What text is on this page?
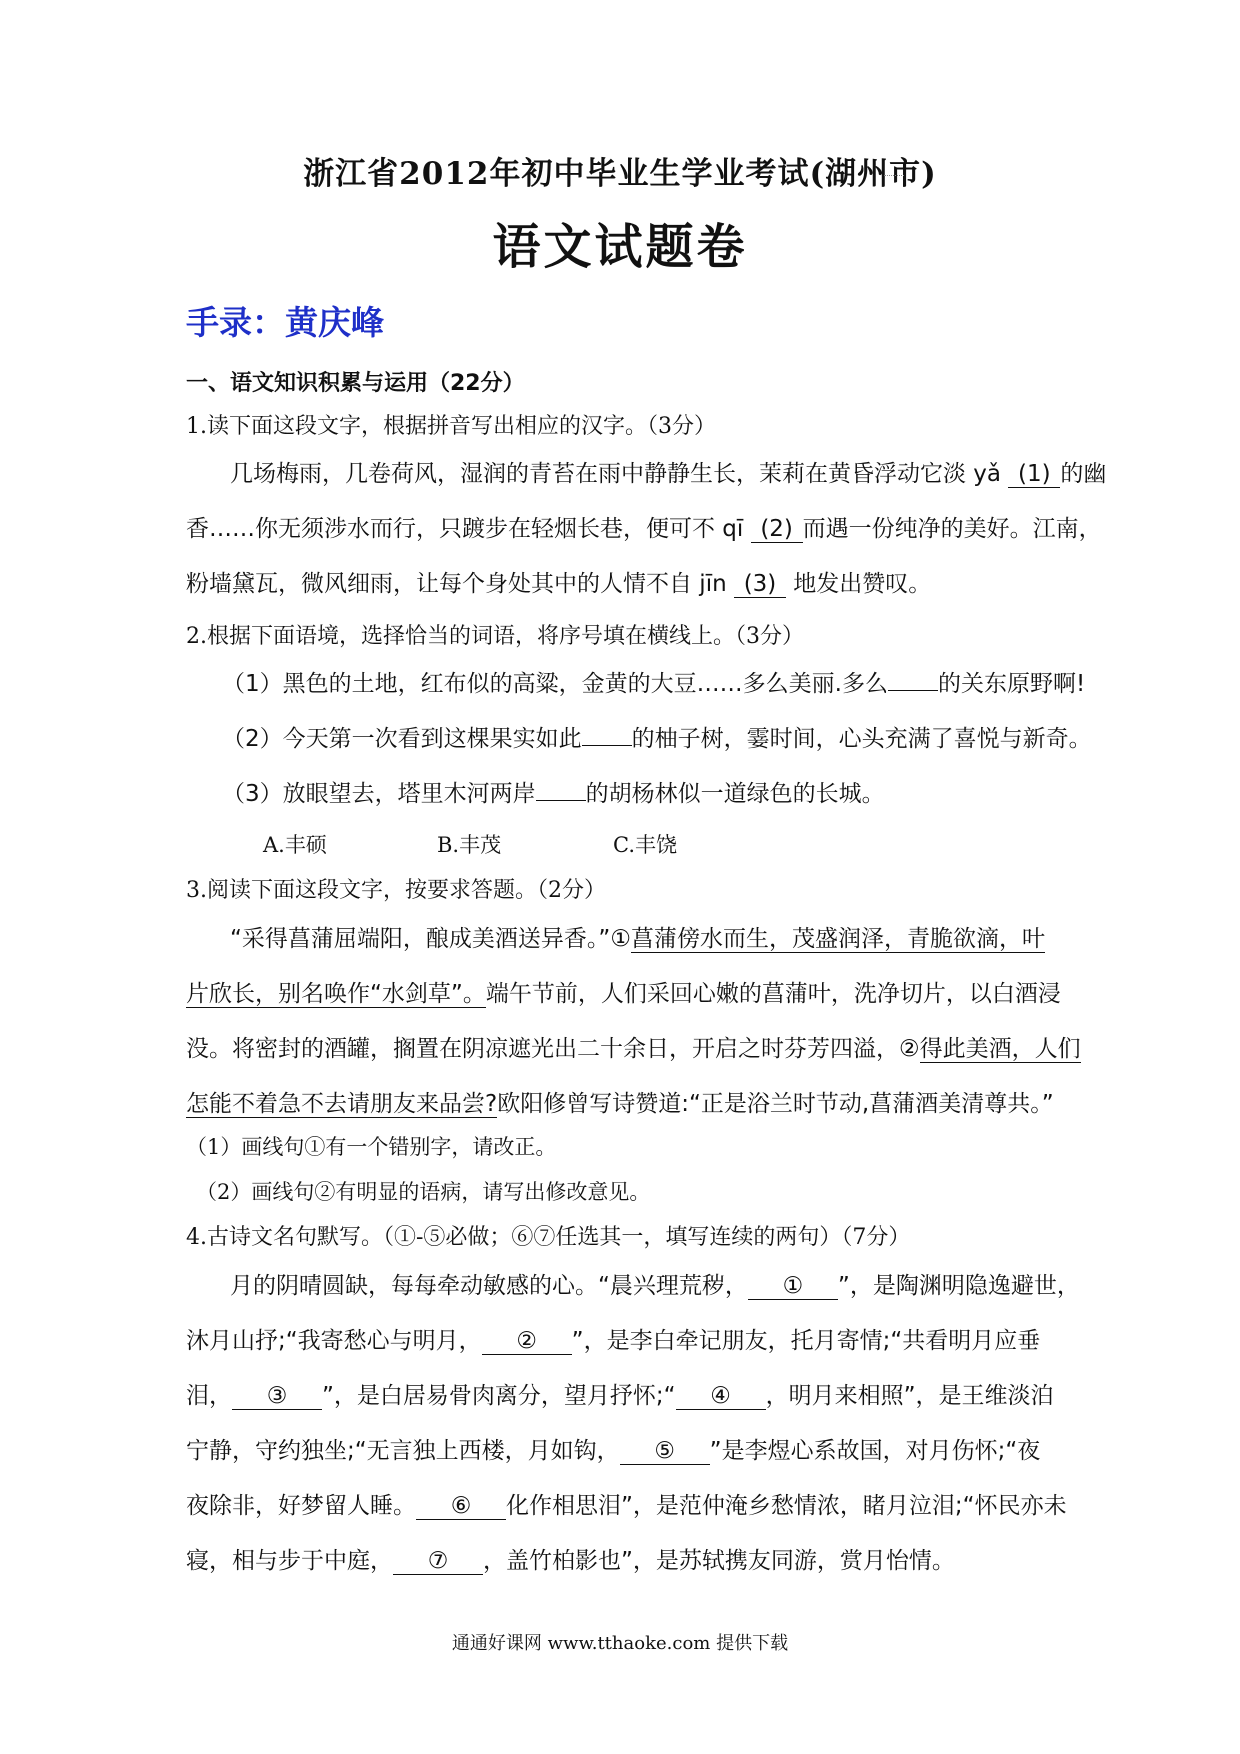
浙江省2012年初中毕业生学业考试(湖州市)
语文试题卷
手录：黄庆峰
一、语文知识积累与运用（22分）
1.读下面这段文字，根据拼音写出相应的汉字。（3分）
几场梅雨，几卷荷风，湿润的青苔在雨中静静生长，茉莉在黄昏浮动它淡 yǎ (1) 的幽
香……你无须涉水而行，只踱步在轻烟长巷，便可不 qī (2) 而遇一份纯净的美好。江南，
粉墙黛瓦，微风细雨，让每个身处其中的人情不自 jīn (3) 地发出赞叹。
2.根据下面语境，选择恰当的词语，将序号填在横线上。（3分）
（1）黑色的土地，红布似的高粱，金黄的大豆……多么美丽.多么 的关东原野啊!
（2）今天第一次看到这棵果实如此 的柚子树，霎时间，心头充满了喜悦与新奇。
（3）放眼望去，塔里木河两岸 的胡杨林似一道绿色的长城。
A.丰硕	B.丰茂	C.丰饶
3.阅读下面这段文字，按要求答题。（2分）
“采得菖蒲屈端阳，酿成美酒送异香。”①菖蒲傍水而生，茂盛润泽，青脆欲滴，叶
片欣长，别名唤作“水剑草”。端午节前，人们采回心嫩的菖蒲叶，洗净切片，以白酒浸
没。将密封的酒罐，搁置在阴凉遮光出二十余日，开启之时芬芳四溢，②得此美酒，人们
怎能不着急不去请朋友来品尝?欧阳修曾写诗赞道:“正是浴兰时节动,菖蒲酒美清尊共。”
（1）画线句①有一个错别字，请改正。
（2）画线句②有明显的语病，请写出修改意见。
4.古诗文名句默写。（①-⑤必做；⑥⑦任选其一，填写连续的两句）（7分）
月的阴晴圆缺，每每牵动敏感的心。“晨兴理荒秽， ① ”，是陶渊明隐逸避世，
沐月山抒;“我寄愁心与明月， ② ”，是李白牵记朋友，托月寄情;“共看明月应垂
泪， ③ ”，是白居易骨肉离分，望月抒怀;“ ④ ，明月来相照”，是王维淡泊
宁静，守约独坐;“无言独上西楼，月如钩， ⑤ ”是李煜心系故国，对月伤怀;“夜
夜除非，好梦留人睡。 ⑥ 化作相思泪”，是范仲淹乡愁情浓，睹月泣泪;“怀民亦未
寝，相与步于中庭， ⑦ ，盖竹柏影也”，是苏轼携友同游，赏月怡情。
通通好课网 www.tthaoke.com 提供下载
